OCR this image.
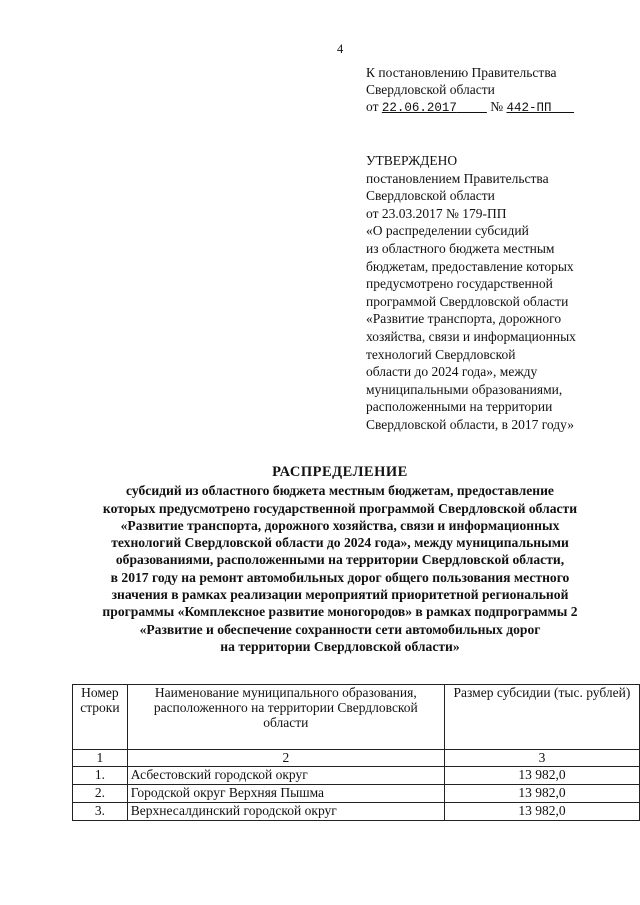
4
К постановлению Правительства
Свердловской области
от 22.06.2017 № 442-ПП
УТВЕРЖДЕНО
постановлением Правительства
Свердловской области
от 23.03.2017 № 179-ПП
«О распределении субсидий
из областного бюджета местным
бюджетам, предоставление которых
предусмотрено государственной
программой Свердловской области
«Развитие транспорта, дорожного
хозяйства, связи и информационных
технологий Свердловской
области до 2024 года», между
муниципальными образованиями,
расположенными на территории
Свердловской области, в 2017 году»
РАСПРЕДЕЛЕНИЕ
субсидий из областного бюджета местным бюджетам, предоставление
которых предусмотрено государственной программой Свердловской области
«Развитие транспорта, дорожного хозяйства, связи и информационных
технологий Свердловской области до 2024 года», между муниципальными
образованиями, расположенными на территории Свердловской области,
в 2017 году на ремонт автомобильных дорог общего пользования местного
значения в рамках реализации мероприятий приоритетной региональной
программы «Комплексное развитие моногородов» в рамках подпрограммы 2
«Развитие и обеспечение сохранности сети автомобильных дорог
на территории Свердловской области»
Номер строки	Наименование муниципального образования, расположенного на территории Свердловской области	Размер субсидии (тыс. рублей)
1	2	3
1.	Асбестовский городской округ	13 982,0
2.	Городской округ Верхняя Пышма	13 982,0
3.	Верхнесалдинский городской округ	13 982,0
